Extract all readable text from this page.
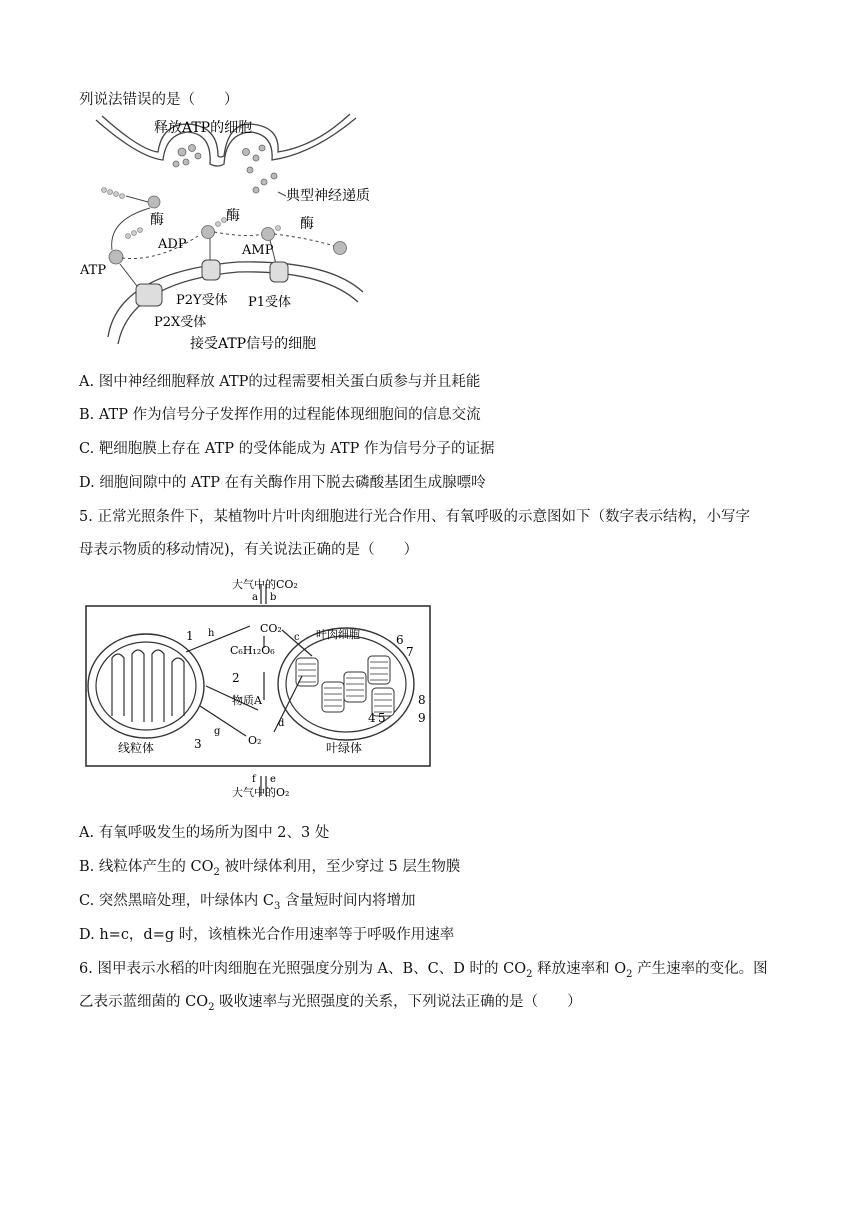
列说法错误的是（　　）
释放ATP的细胞
典型神经递质
酶	酶	酶
ATP
ADP	AMP
P2Y受体 P1受体
P2X受体
接受ATP信号的细胞
A. 图中神经细胞释放 ATP的过程需要相关蛋白质参与并且耗能
B. ATP 作为信号分子发挥作用的过程能体现细胞间的信息交流
C. 靶细胞膜上存在 ATP 的受体能成为 ATP 作为信号分子的证据
D. 细胞间隙中的 ATP 在有关酶作用下脱去磷酸基团生成腺嘌呤
5. 正常光照条件下，某植物叶片叶肉细胞进行光合作用、有氧呼吸的示意图如下（数字表示结构，小写字
母表示物质的移动情况)，有关说法正确的是（　　）
大气中的CO₂
a b
CO₂
C₆H₁₂O₆
物质A
O₂
大气中的O₂
f e
h	c
d
g
叶肉细胞
线粒体	叶绿体
1
2
3
4 5
6
7
8
9
A. 有氧呼吸发生的场所为图中 2、3 处
B. 线粒体产生的 $CO_2$ 被叶绿体利用，至少穿过 5 层生物膜
C. 突然黑暗处理，叶绿体内 $C_3$ 含量短时间内将增加
D. h=c，d=g 时，该植株光合作用速率等于呼吸作用速率
6. 图甲表示水稻的叶肉细胞在光照强度分别为 A、B、C、D 时的 $CO_2$ 释放速率和 $O_2$ 产生速率的变化。图
乙表示蓝细菌的 $CO_2$ 吸收速率与光照强度的关系，下列说法正确的是（　　）
